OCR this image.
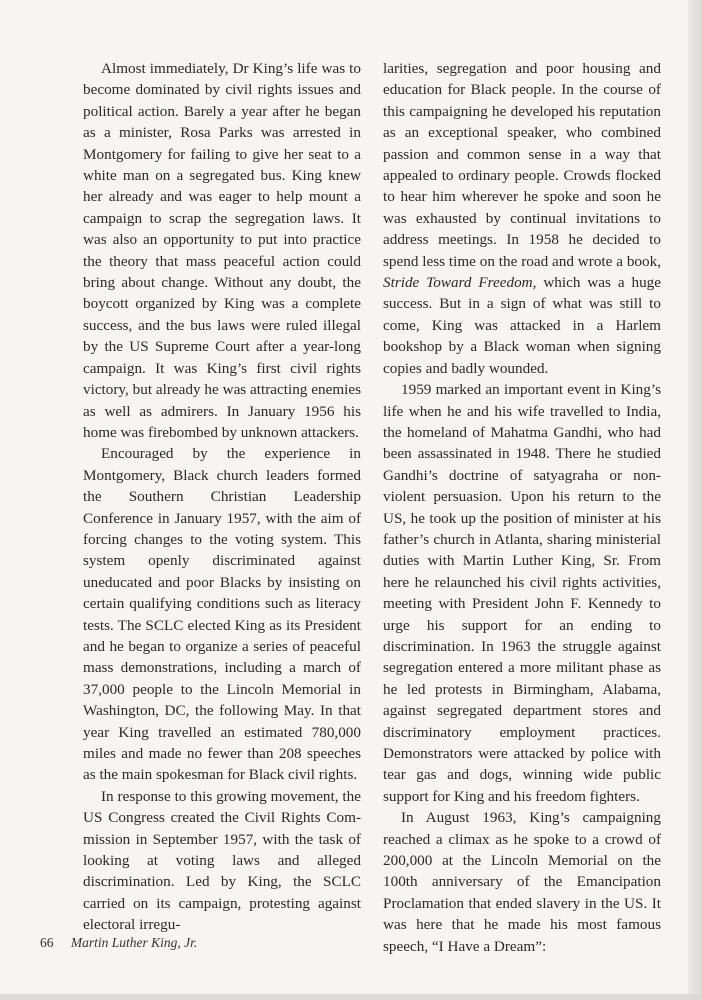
Almost immediately, Dr King’s life was to become dominated by civil rights issues and political action. Barely a year after he began as a minister, Rosa Parks was arrested in Montgomery for failing to give her seat to a white man on a segregated bus. King knew her already and was eager to help mount a campaign to scrap the segregation laws. It was also an opportunity to put into practice the theory that mass peaceful action could bring about change. Without any doubt, the boycott organized by King was a complete success, and the bus laws were ruled illegal by the US Supreme Court after a year-long campaign. It was King’s first civil rights victory, but already he was attracting enemies as well as admirers. In January 1956 his home was firebombed by unknown attackers.

Encouraged by the experience in Montgomery, Black church leaders formed the Southern Christian Leadership Conference in January 1957, with the aim of forcing changes to the voting system. This system openly discriminated against uneducated and poor Blacks by insisting on certain qualifying conditions such as literacy tests. The SCLC elected King as its President and he began to organize a series of peaceful mass demonstrations, including a march of 37,000 people to the Lincoln Memorial in Washington, DC, the following May. In that year King travelled an estimated 780,000 miles and made no fewer than 208 speeches as the main spokesman for Black civil rights.

In response to this growing movement, the US Congress created the Civil Rights Commission in September 1957, with the task of looking at voting laws and alleged discrimination. Led by King, the SCLC carried on its campaign, protesting against electoral irregu-

larities, segregation and poor housing and education for Black people. In the course of this campaigning he developed his reputation as an exceptional speaker, who combined passion and common sense in a way that appealed to ordinary people. Crowds flocked to hear him wherever he spoke and soon he was exhausted by continual invitations to address meetings. In 1958 he decided to spend less time on the road and wrote a book, Stride Toward Freedom, which was a huge success. But in a sign of what was still to come, King was attacked in a Harlem bookshop by a Black woman when signing copies and badly wounded.

1959 marked an important event in King’s life when he and his wife travelled to India, the homeland of Mahatma Gandhi, who had been assassinated in 1948. There he studied Gandhi’s doctrine of satyagraha or non-violent persuasion. Upon his return to the US, he took up the position of minister at his father’s church in Atlanta, sharing ministerial duties with Martin Luther King, Sr. From here he relaunched his civil rights activities, meeting with President John F. Kennedy to urge his support for an ending to discrimination. In 1963 the struggle against segregation entered a more militant phase as he led protests in Birmingham, Alabama, against segregated department stores and discriminatory employment practices. Demonstrators were attacked by police with tear gas and dogs, winning wide public support for King and his freedom fighters.

In August 1963, King’s campaigning reached a climax as he spoke to a crowd of 200,000 at the Lincoln Memorial on the 100th anniversary of the Emancipation Proclamation that ended slavery in the US. It was here that he made his most famous speech, “I Have a Dream”:

66 Martin Luther King, Jr.
